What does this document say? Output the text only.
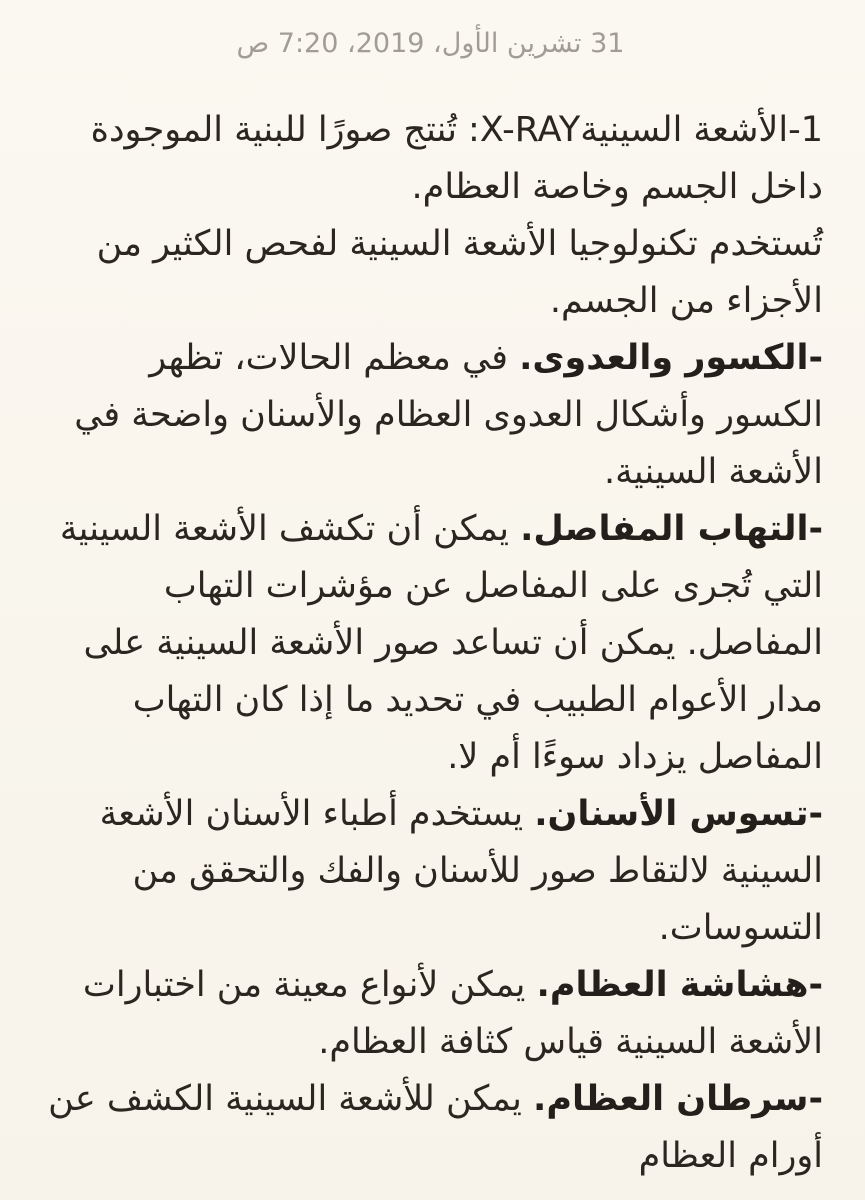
31 تشرين الأول، 2019، 7:20 ص

1-الأشعة السينيةX-RAY: تُنتج صورًا للبنية الموجودة داخل الجسم وخاصة العظام.

تُستخدم تكنولوجيا الأشعة السينية لفحص الكثير من الأجزاء من الجسم.

-الكسور والعدوى. في معظم الحالات، تظهر الكسور وأشكال العدوى العظام والأسنان واضحة في الأشعة السينية.

-التهاب المفاصل. يمكن أن تكشف الأشعة السينية التي تُجرى على المفاصل عن مؤشرات التهاب المفاصل. يمكن أن تساعد صور الأشعة السينية على مدار الأعوام الطبيب في تحديد ما إذا كان التهاب المفاصل يزداد سوءًا أم لا.

-تسوس الأسنان. يستخدم أطباء الأسنان الأشعة السينية لالتقاط صور للأسنان والفك والتحقق من التسوسات.

-هشاشة العظام. يمكن لأنواع معينة من اختبارات الأشعة السينية قياس كثافة العظام.

-سرطان العظام. يمكن للأشعة السينية الكشف عن أورام العظام
